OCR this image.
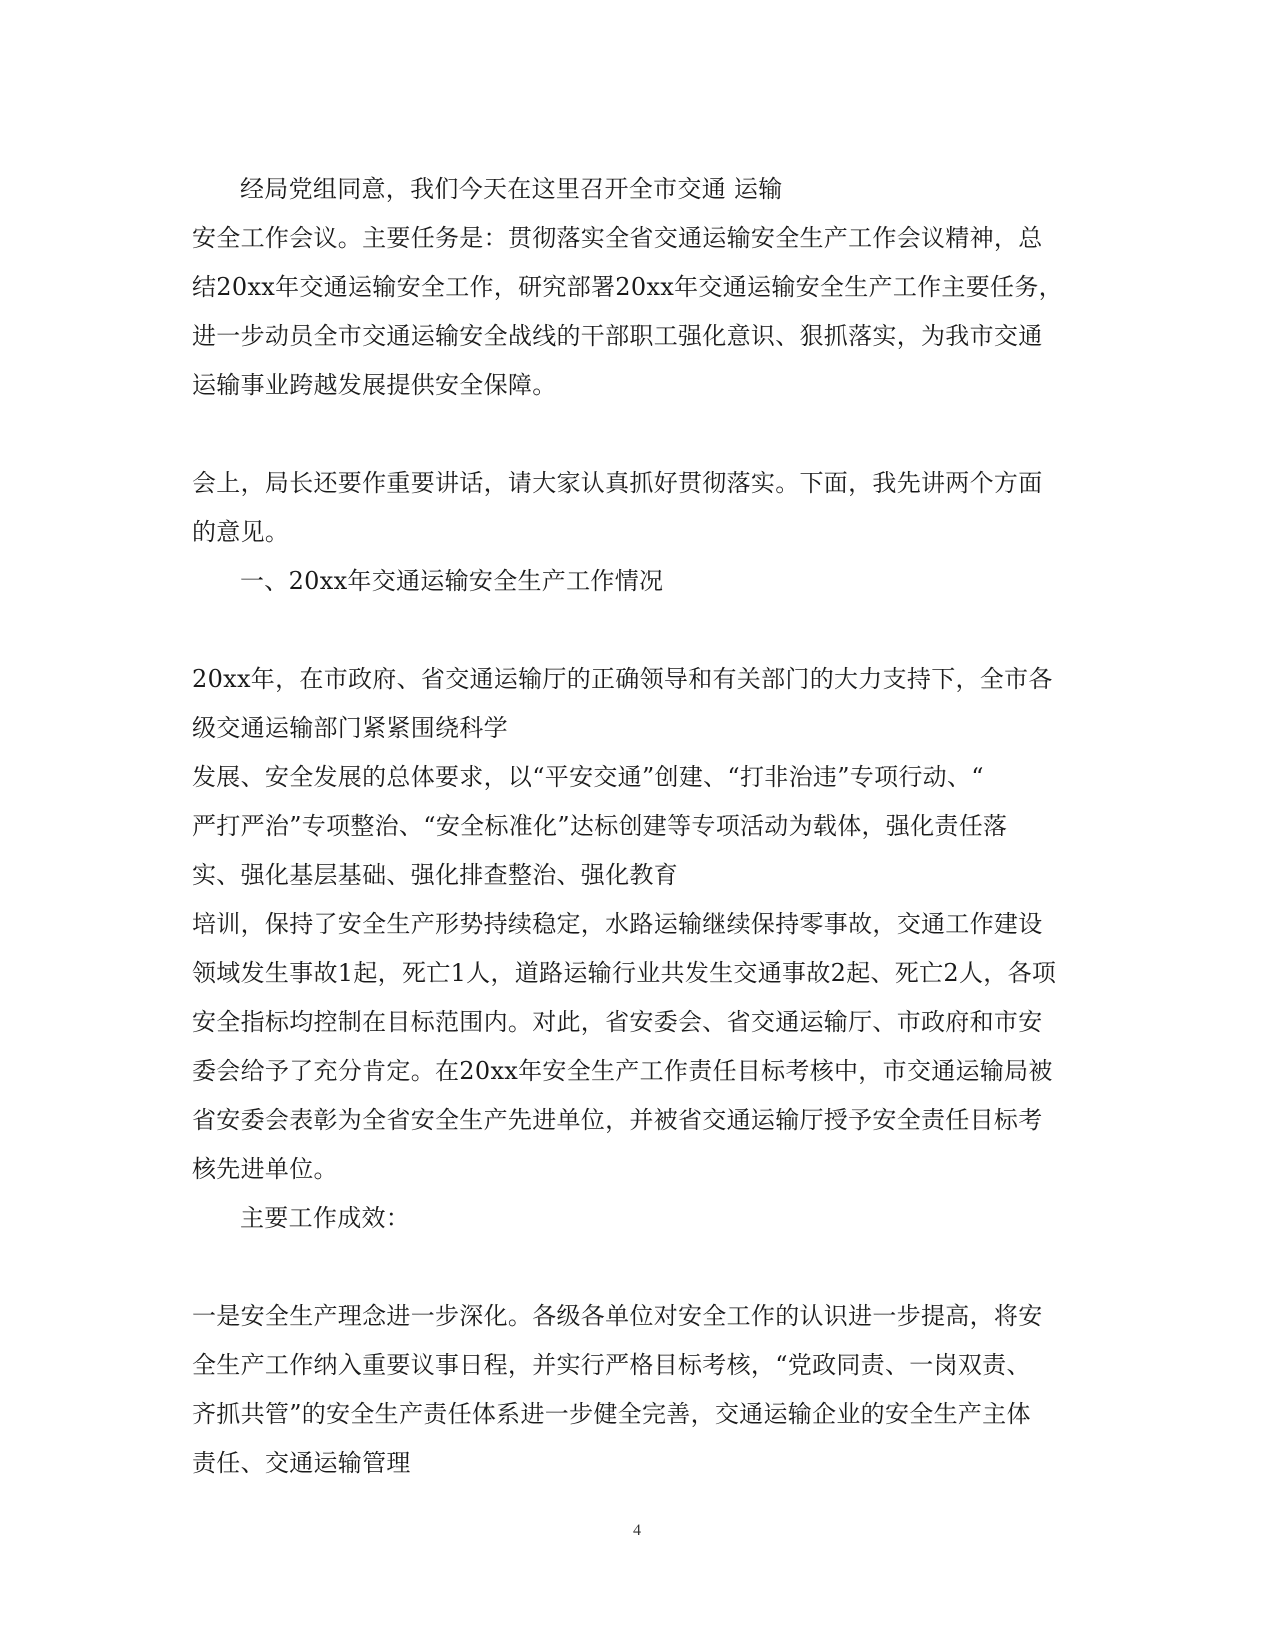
经局党组同意，我们今天在这里召开全市交通 运输
安全工作会议。主要任务是：贯彻落实全省交通运输安全生产工作会议精神，总
结20xx年交通运输安全工作，研究部署20xx年交通运输安全生产工作主要任务，
进一步动员全市交通运输安全战线的干部职工强化意识、狠抓落实，为我市交通
运输事业跨越发展提供安全保障。
会上，局长还要作重要讲话，请大家认真抓好贯彻落实。下面，我先讲两个方面
的意见。
一、20xx年交通运输安全生产工作情况
20xx年，在市政府、省交通运输厅的正确领导和有关部门的大力支持下，全市各
级交通运输部门紧紧围绕科学
发展、安全发展的总体要求，以“平安交通”创建、“打非治违”专项行动、“
严打严治”专项整治、“安全标准化”达标创建等专项活动为载体，强化责任落
实、强化基层基础、强化排查整治、强化教育
培训，保持了安全生产形势持续稳定，水路运输继续保持零事故，交通工作建设
领域发生事故1起，死亡1人，道路运输行业共发生交通事故2起、死亡2人，各项
安全指标均控制在目标范围内。对此，省安委会、省交通运输厅、市政府和市安
委会给予了充分肯定。在20xx年安全生产工作责任目标考核中，市交通运输局被
省安委会表彰为全省安全生产先进单位，并被省交通运输厅授予安全责任目标考
核先进单位。
主要工作成效：
一是安全生产理念进一步深化。各级各单位对安全工作的认识进一步提高，将安
全生产工作纳入重要议事日程，并实行严格目标考核，“党政同责、一岗双责、
齐抓共管”的安全生产责任体系进一步健全完善，交通运输企业的安全生产主体
责任、交通运输管理
4
